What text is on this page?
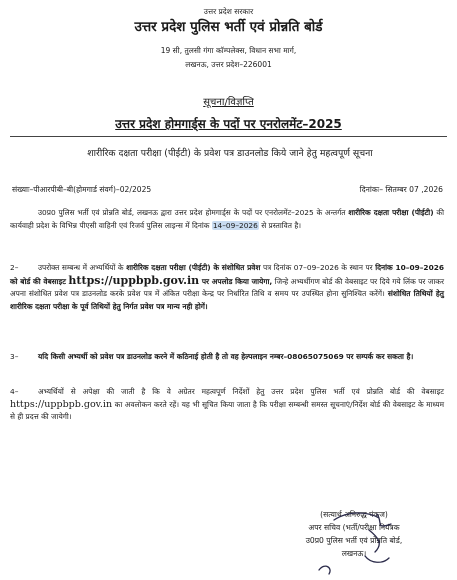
उत्तर प्रदेश सरकार
उत्तर प्रदेश पुलिस भर्ती एवं प्रोन्नति बोर्ड
19 सी, तुलसी गंगा कॉम्पलेक्स, विधान सभा मार्ग,
लखनऊ, उत्तर प्रदेश–226001
सूचना/विज्ञप्ति
उत्तर प्रदेश होमगार्ड्स के पदों पर एनरोलमेंट–2025
शारीरिक दक्षता परीक्षा (पीईटी) के प्रवेश पत्र डाउनलोड किये जाने हेतु महत्वपूर्ण सूचना
संख्याः–पीआरपीबी–बी(होमगार्ड संवर्ग)–02/2025	दिनांकः– सितम्बर 07 ,2026
उ0प्र0 पुलिस भर्ती एवं प्रोन्नति बोर्ड, लखनऊ द्वारा उत्तर प्रदेश होमगार्ड्स के पदों पर एनरोलमेंट–2025 के अन्तर्गत शारीरिक दक्षता परीक्षा (पीईटी) की कार्यवाही प्रदेश के विभिन्न पीएसी वाहिनी एवं रिजर्व पुलिस लाइन्स में दिनांक 14–09–2026 से प्रस्तावित है।
2–	उपरोक्त सम्बन्ध में अभ्यर्थियों के शारीरिक दक्षता परीक्षा (पीईटी) के संशोधित प्रवेश पत्र दिनांक 07–09–2026 के स्थान पर दिनांक 10–09–2026 को बोर्ड की वेबसाइट https://uppbpb.gov.in पर अपलोड किया जायेगा, जिन्हे अभ्यर्थीगण बोर्ड की वेबसाइट पर दिये गये लिंक पर जाकर अपना संशोधित प्रवेश पत्र डाउनलोड करके प्रवेश पत्र में अंकित परीक्षा केन्द्र पर निर्धारित तिथि व समय पर उपस्थित होना सुनिश्चित करेंगें। संशोधित तिथियों हेतु शारीरिक दक्षता परीक्षा के पूर्व तिथियों हेतु निर्गत प्रवेश पत्र मान्य नही होगें।
3–	यदि किसी अभ्यर्थी को प्रवेश पत्र डाउनलोड करने में कठिनाई होती है तो वह हेल्पलाइन नम्बर–08065075069 पर सम्पर्क कर सकता है।
4–	अभ्यर्थियों से अपेक्षा की जाती है कि वे अग्रेतर महत्वपूर्ण निर्देशों हेतु उत्तर प्रदेश पुलिस भर्ती एवं प्रोन्नति बोर्ड की वेबसाइट https://uppbpb.gov.in का अवलोकन करते रहें। यह भी सूचित किया जाता है कि परीक्षा सम्बन्धी समस्त सूचनाएं/निर्देश बोर्ड की वेबसाइट के माध्यम से ही प्रदत्त की जायेगी।
(सत्यार्थ अनिरुद्ध पंकज)
अपर सचिव (भर्ती/परीक्षा नियंत्रक
उ0प्र0 पुलिस भर्ती एवं प्रोन्नति बोर्ड,
लखनऊ।
